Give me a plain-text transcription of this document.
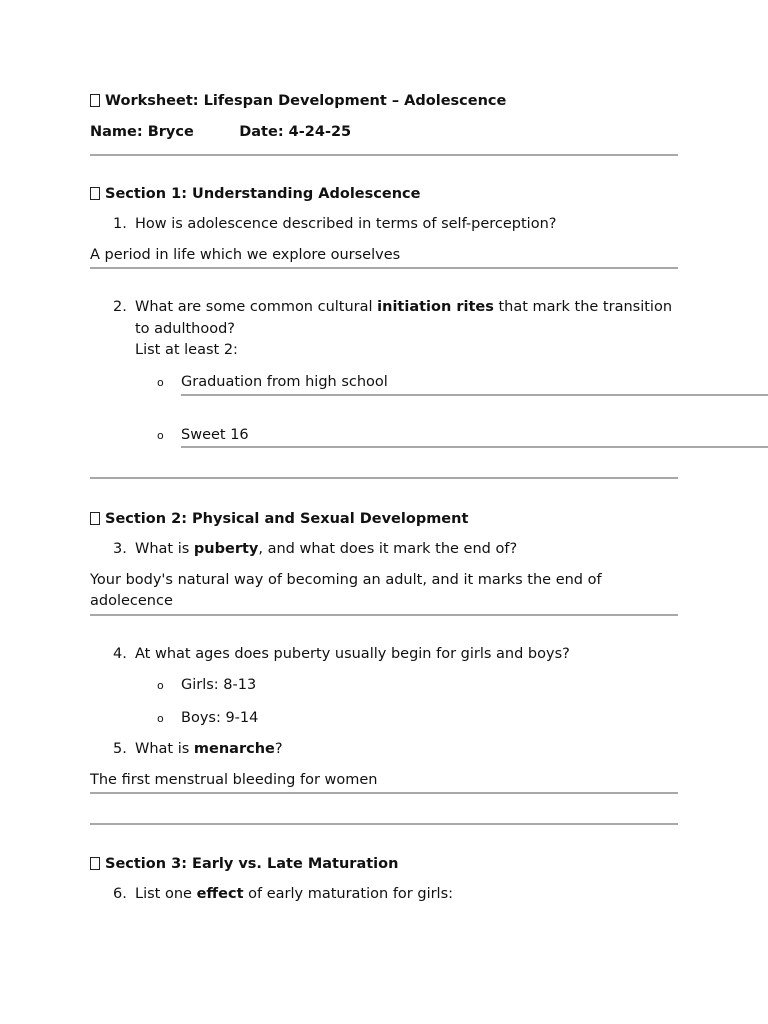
Worksheet: Lifespan Development – Adolescence
Name: Bryce	Date: 4-24-25
Section 1: Understanding Adolescence
1. How is adolescence described in terms of self-perception?
A period in life which we explore ourselves
2. What are some common cultural initiation rites that mark the transition to adulthood?
List at least 2:
o	Graduation from high school
o	Sweet 16
Section 2: Physical and Sexual Development
3. What is puberty, and what does it mark the end of?
Your body's natural way of becoming an adult, and it marks the end of adolecence
4. At what ages does puberty usually begin for girls and boys?
o	Girls: 8-13
o	Boys: 9-14
5. What is menarche?
The first menstrual bleeding for women
Section 3: Early vs. Late Maturation
6. List one effect of early maturation for girls:
